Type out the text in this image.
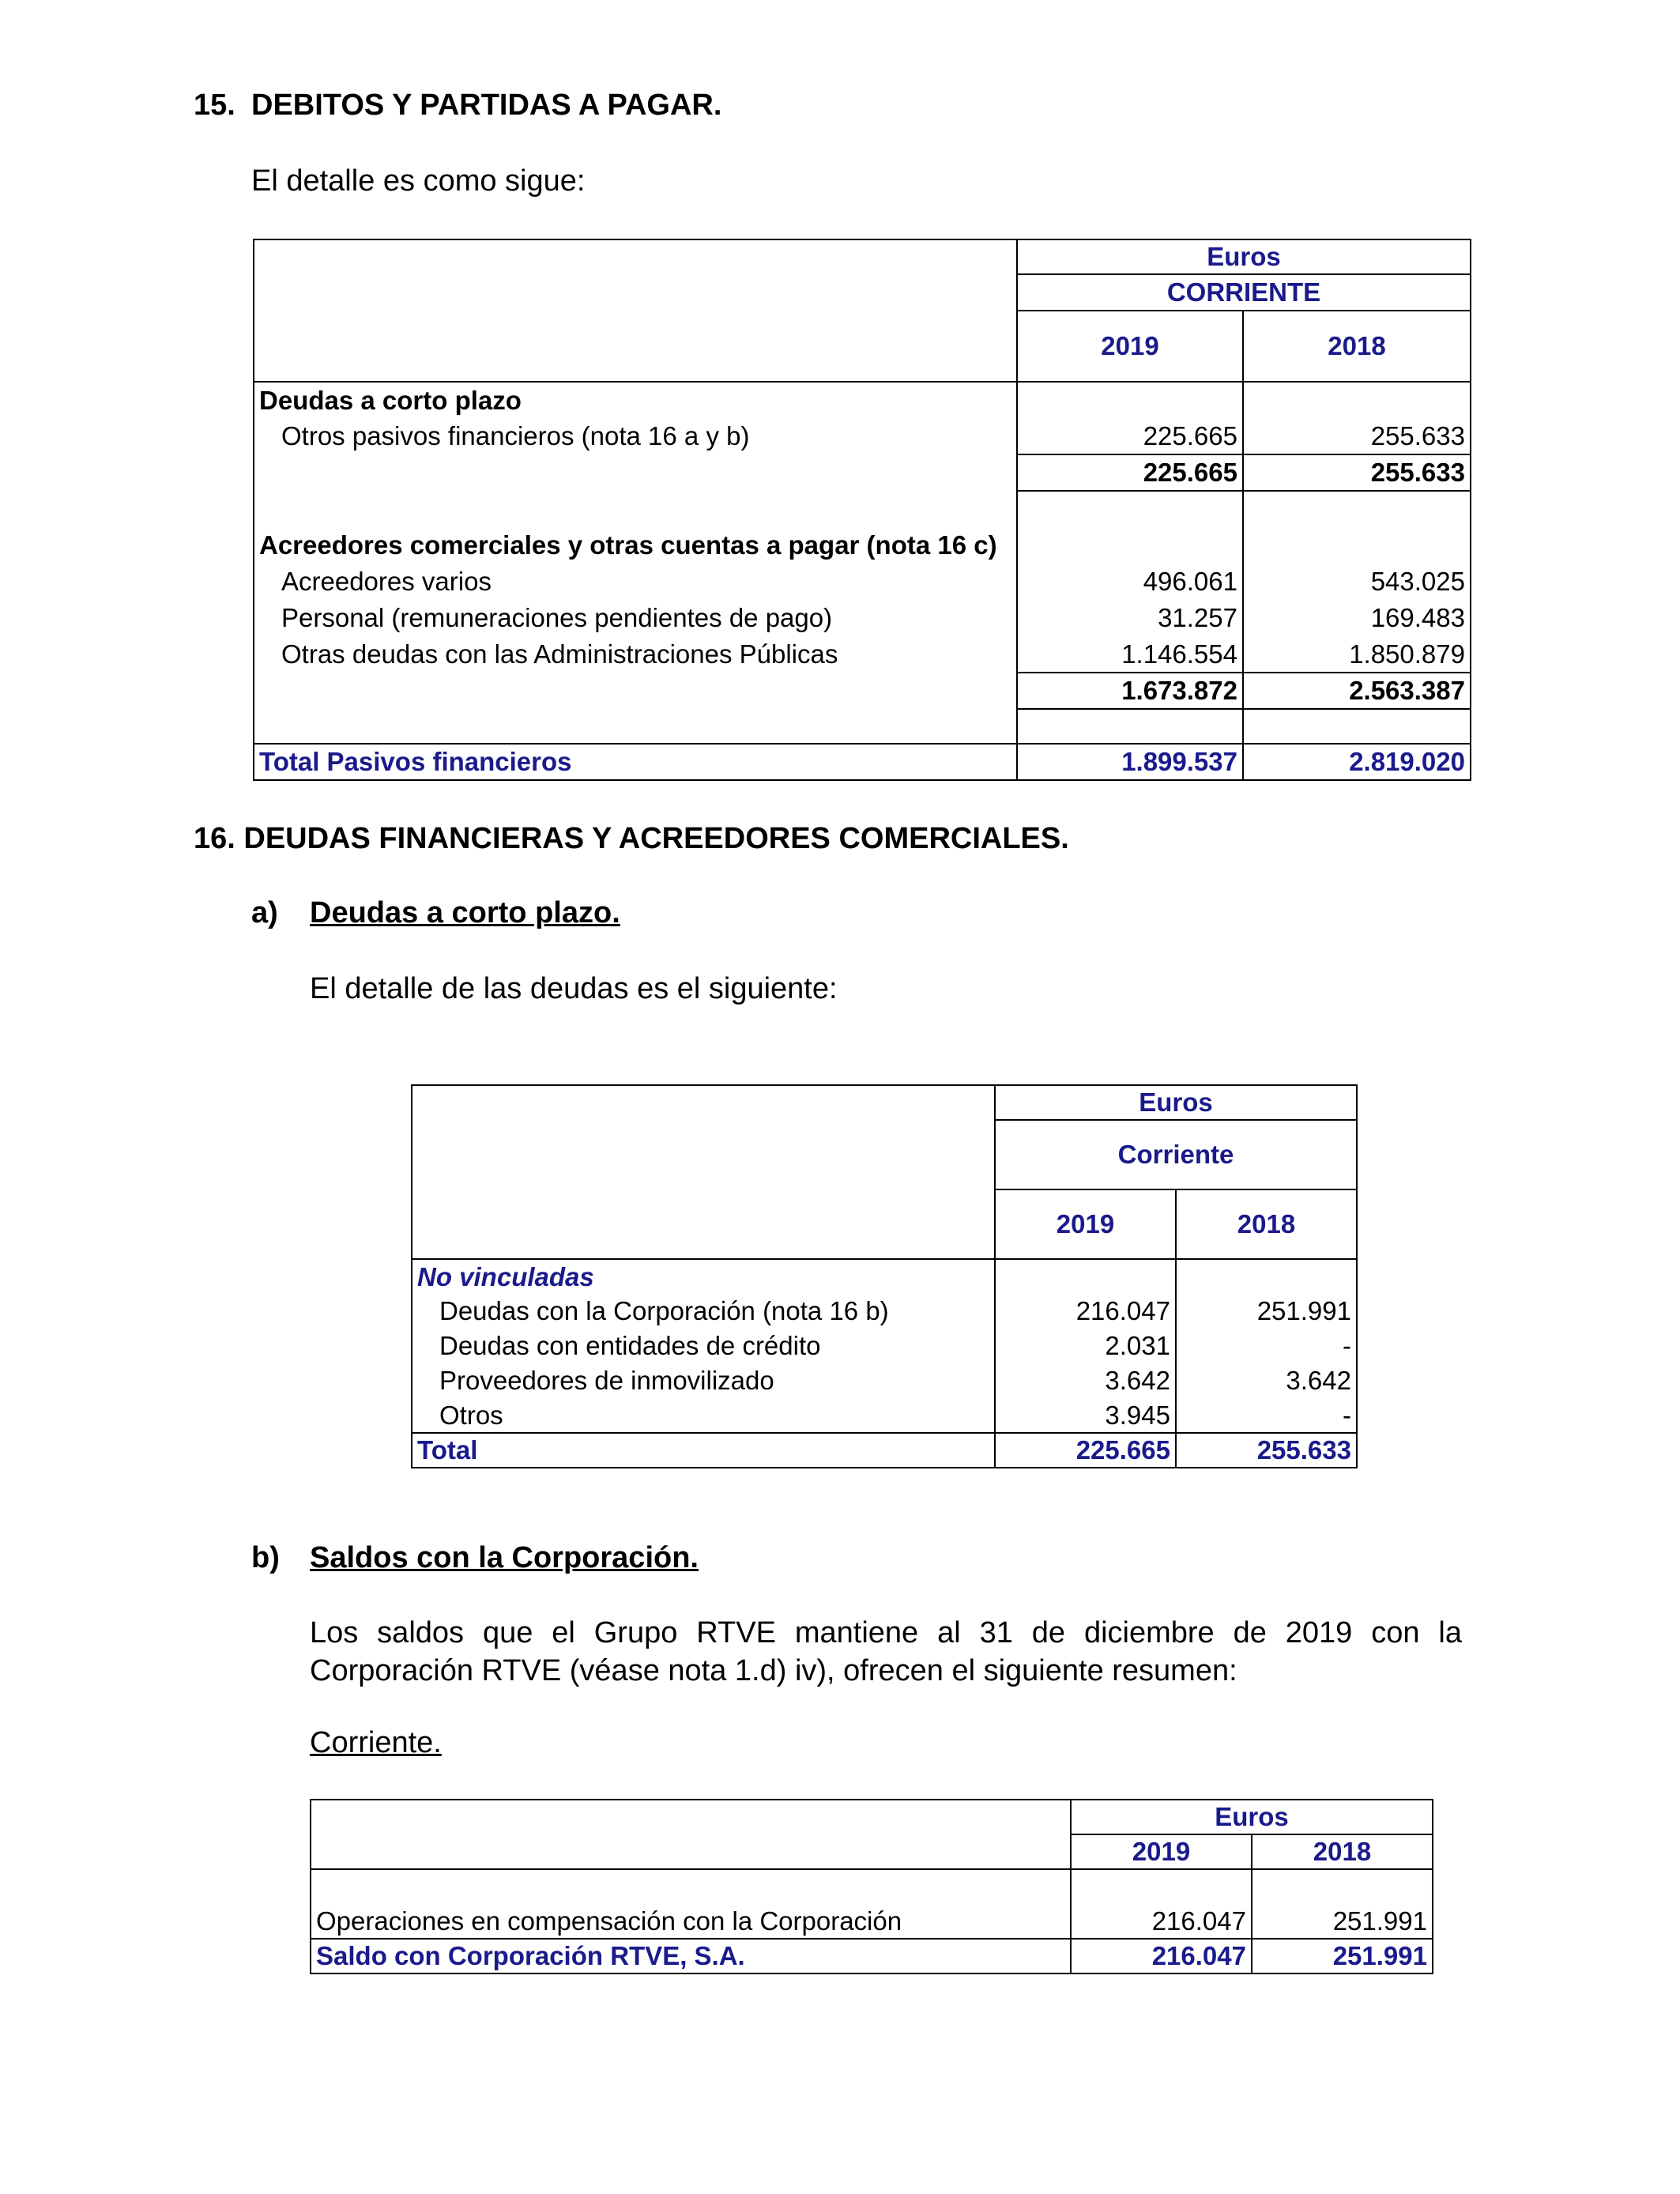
15. DEBITOS Y PARTIDAS A PAGAR.
El detalle es como sigue:
	Euros	
	CORRIENTE	
	2019	2018
Deudas a corto plazo		
Otros pasivos financieros (nota 16 a y b)	225.665	255.633
	225.665	255.633

Acreedores comerciales y otras cuentas a pagar (nota 16 c)		
Acreedores varios	496.061	543.025
Personal (remuneraciones pendientes de pago)	31.257	169.483
Otras deudas con las Administraciones Públicas	1.146.554	1.850.879
	1.673.872	2.563.387

Total Pasivos financieros	1.899.537	2.819.020
16. DEUDAS FINANCIERAS Y ACREEDORES COMERCIALES.
a) Deudas a corto plazo.
El detalle de las deudas es el siguiente:
	Euros	
	Corriente	
	2019	2018
No vinculadas		
Deudas con la Corporación (nota 16 b)	216.047	251.991
Deudas con entidades de crédito	2.031	-
Proveedores de inmovilizado	3.642	3.642
Otros	3.945	-
Total	225.665	255.633
b) Saldos con la Corporación.
Los saldos que el Grupo RTVE mantiene al 31 de diciembre de 2019 con la Corporación RTVE (véase nota 1.d) iv), ofrecen el siguiente resumen:
Corriente.
	Euros	
	2019	2018

Operaciones en compensación con la Corporación	216.047	251.991
Saldo con Corporación RTVE, S.A.	216.047	251.991
